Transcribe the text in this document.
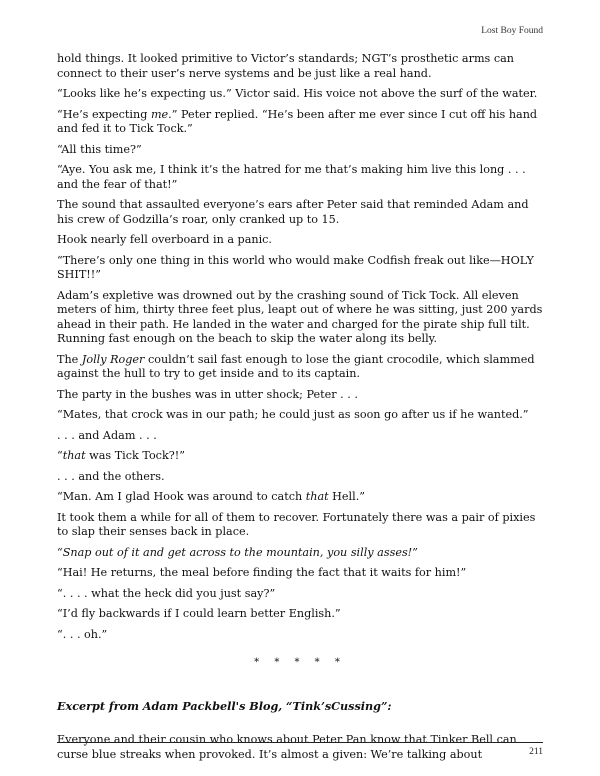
Lost Boy Found

hold things. It looked primitive to Victor’s standards; NGT’s prosthetic arms can connect to their user’s nerve systems and be just like a real hand.

“Looks like he’s expecting us.” Victor said. His voice not above the surf of the water.

“He’s expecting me.” Peter replied. “He’s been after me ever since I cut off his hand and fed it to Tick Tock.”

“All this time?”

“Aye. You ask me, I think it’s the hatred for me that’s making him live this long . . . and the fear of that!”

The sound that assaulted everyone’s ears after Peter said that reminded Adam and his crew of Godzilla’s roar, only cranked up to 15.

Hook nearly fell overboard in a panic.

“There’s only one thing in this world who would make Codfish freak out like—HOLY SHIT!!”

Adam’s expletive was drowned out by the crashing sound of Tick Tock. All eleven meters of him, thirty three feet plus, leapt out of where he was sitting, just 200 yards ahead in their path. He landed in the water and charged for the pirate ship full tilt. Running fast enough on the beach to skip the water along its belly.

The Jolly Roger couldn’t sail fast enough to lose the giant crocodile, which slammed against the hull to try to get inside and to its captain.

The party in the bushes was in utter shock; Peter . . .

“Mates, that crock was in our path; he could just as soon go after us if he wanted.”

. . . and Adam . . .

“that was Tick Tock?!”

. . . and the others.

“Man. Am I glad Hook was around to catch that Hell.”

It took them a while for all of them to recover. Fortunately there was a pair of pixies to slap their senses back in place.

“Snap out of it and get across to the mountain, you silly asses!”

“Hai! He returns, the meal before finding the fact that it waits for him!”

“. . . . what the heck did you just say?”

“I’d fly backwards if I could learn better English.”

“. . . oh.”

* * * * *

Excerpt from Adam Packbell's Blog, “Tink’sCussing”:

Everyone and their cousin who knows about Peter Pan know that Tinker Bell can curse blue streaks when provoked. It’s almost a given: We’re talking about	211
